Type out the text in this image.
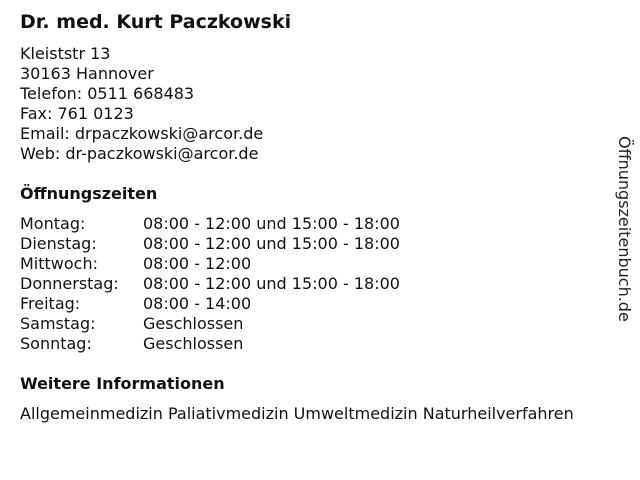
Dr. med. Kurt Paczkowski
Kleiststr 13
30163 Hannover
Telefon: 0511 668483
Fax: 761 0123
Email: drpaczkowski@arcor.de
Web: dr-paczkowski@arcor.de
Öffnungszeiten
Montag:	08:00 - 12:00 und 15:00 - 18:00
Dienstag:	08:00 - 12:00 und 15:00 - 18:00
Mittwoch:	08:00 - 12:00
Donnerstag:	08:00 - 12:00 und 15:00 - 18:00
Freitag:	08:00 - 14:00
Samstag:	Geschlossen
Sonntag:	Geschlossen
Weitere Informationen
Allgemeinmedizin Paliativmedizin Umweltmedizin Naturheilverfahren
Öffnungszeitenbuch.de
